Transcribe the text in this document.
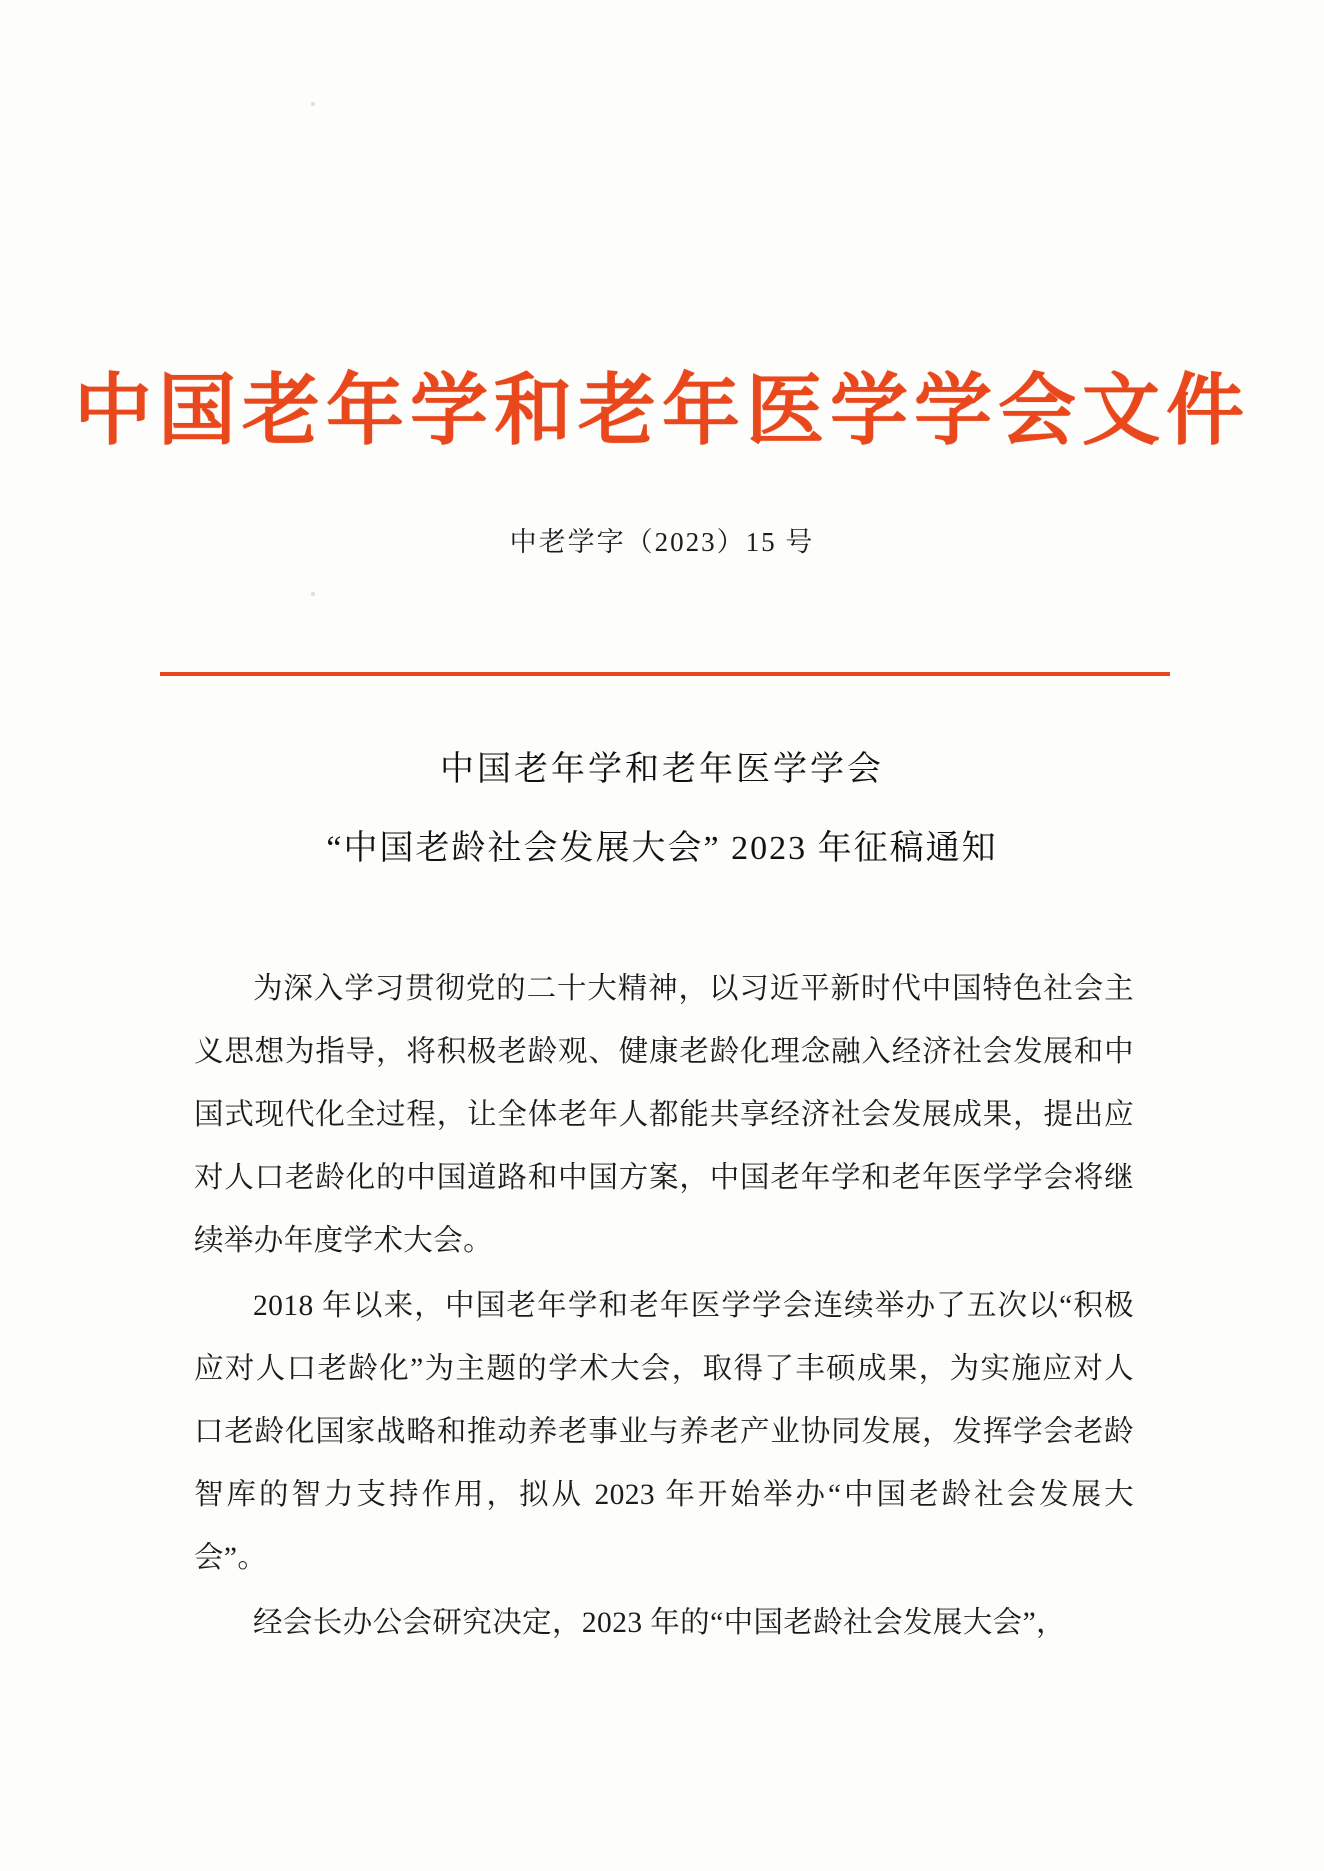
中国老年学和老年医学学会文件
中老学字（2023）15 号
中国老年学和老年医学学会
“中国老龄社会发展大会” 2023 年征稿通知

为深入学习贯彻党的二十大精神，以习近平新时代中国特色社会主义思想为指导，将积极老龄观、健康老龄化理念融入经济社会发展和中国式现代化全过程，让全体老年人都能共享经济社会发展成果，提出应对人口老龄化的中国道路和中国方案，中国老年学和老年医学学会将继续举办年度学术大会。

2018 年以来，中国老年学和老年医学学会连续举办了五次以“积极应对人口老龄化”为主题的学术大会，取得了丰硕成果，为实施应对人口老龄化国家战略和推动养老事业与养老产业协同发展，发挥学会老龄智库的智力支持作用，拟从 2023 年开始举办“中国老龄社会发展大会”。

经会长办公会研究决定，2023 年的“中国老龄社会发展大会”，
